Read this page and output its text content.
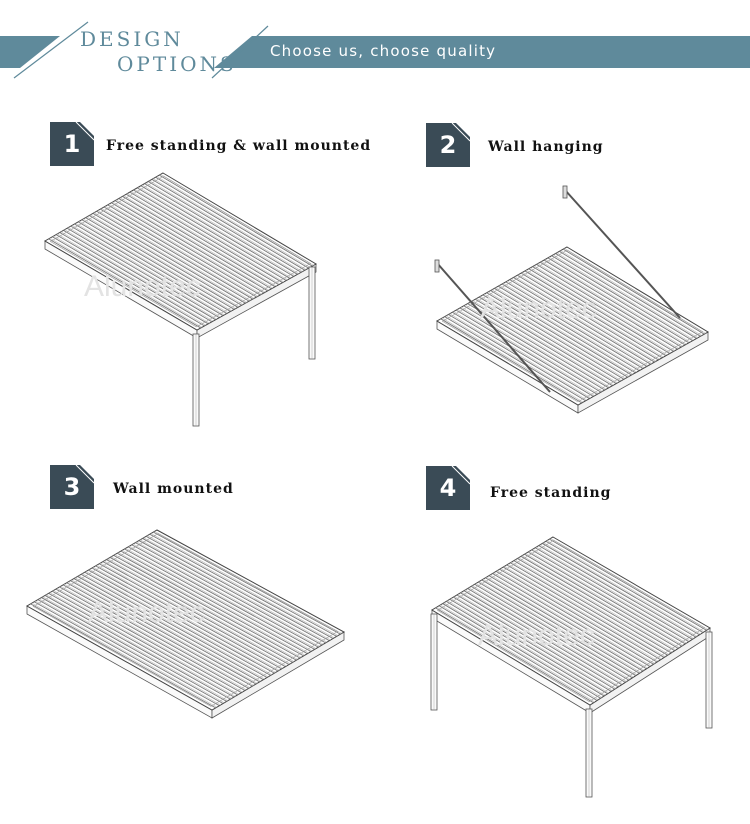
DESIGN
OPTIONS
Choose us, choose quality
1	Free standing & wall mounted	2	Wall hanging
3	Wall mounted	4	Free standing
Alunotec
Alunotec
Alunotec
Alunotec
